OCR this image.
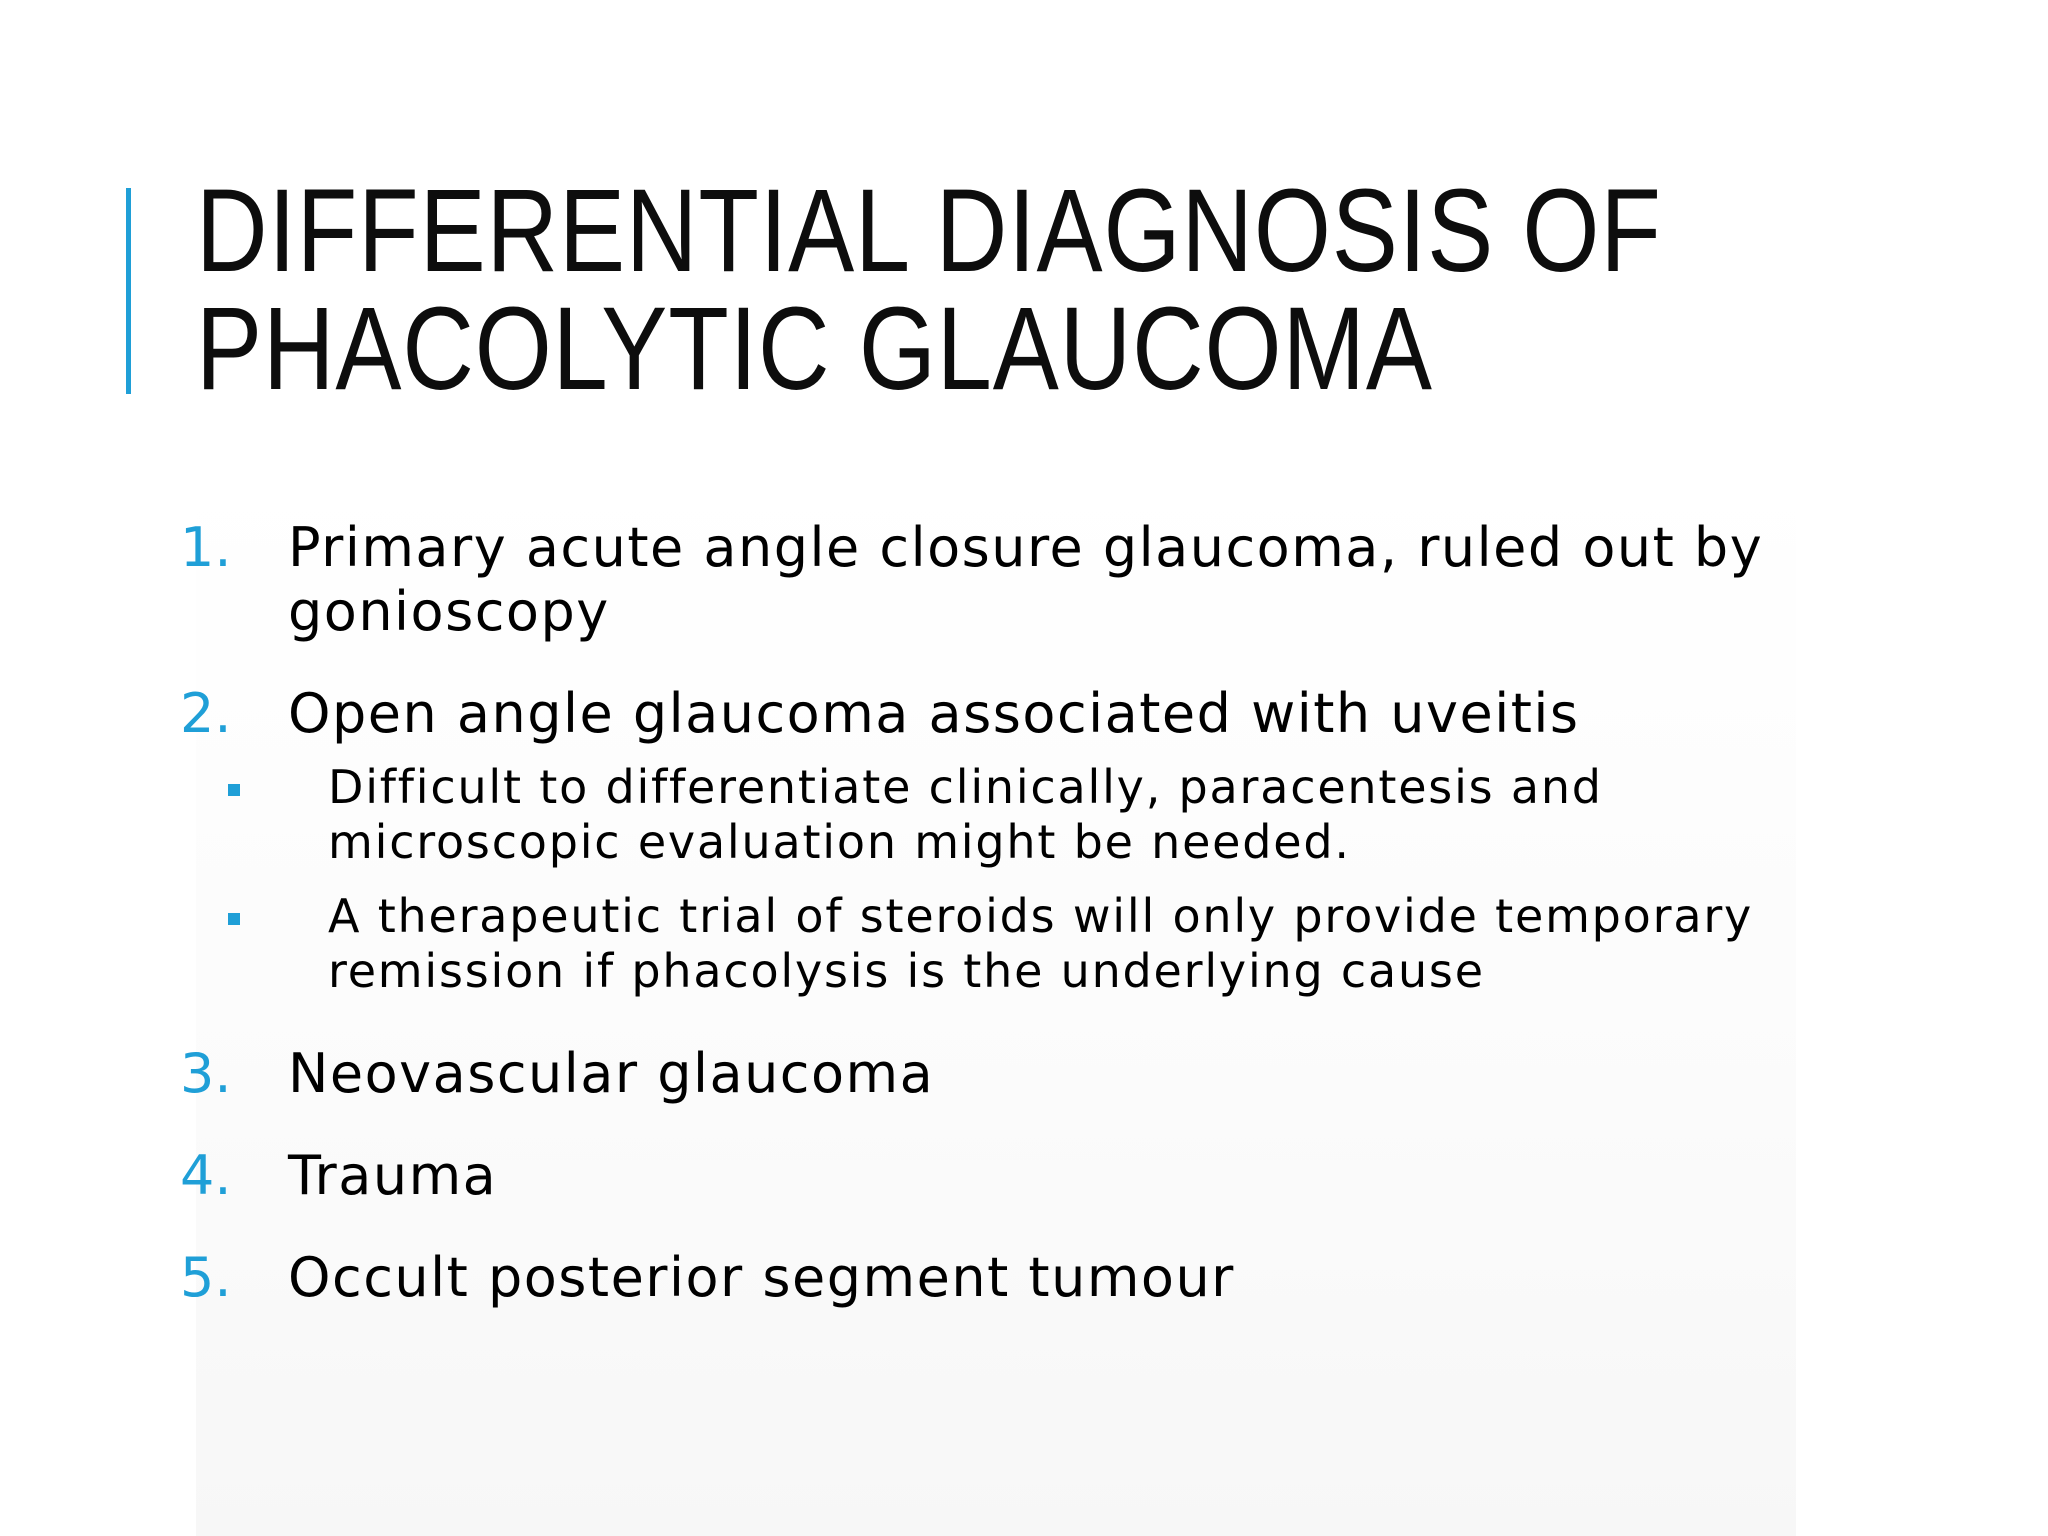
DIFFERENTIAL DIAGNOSIS OF
PHACOLYTIC GLAUCOMA
1. Primary acute angle closure glaucoma, ruled out by gonioscopy
2. Open angle glaucoma associated with uveitis
Difficult to differentiate clinically, paracentesis and microscopic evaluation might be needed.
A therapeutic trial of steroids will only provide temporary remission if phacolysis is the underlying cause
3. Neovascular glaucoma
4. Trauma
5. Occult posterior segment tumour
